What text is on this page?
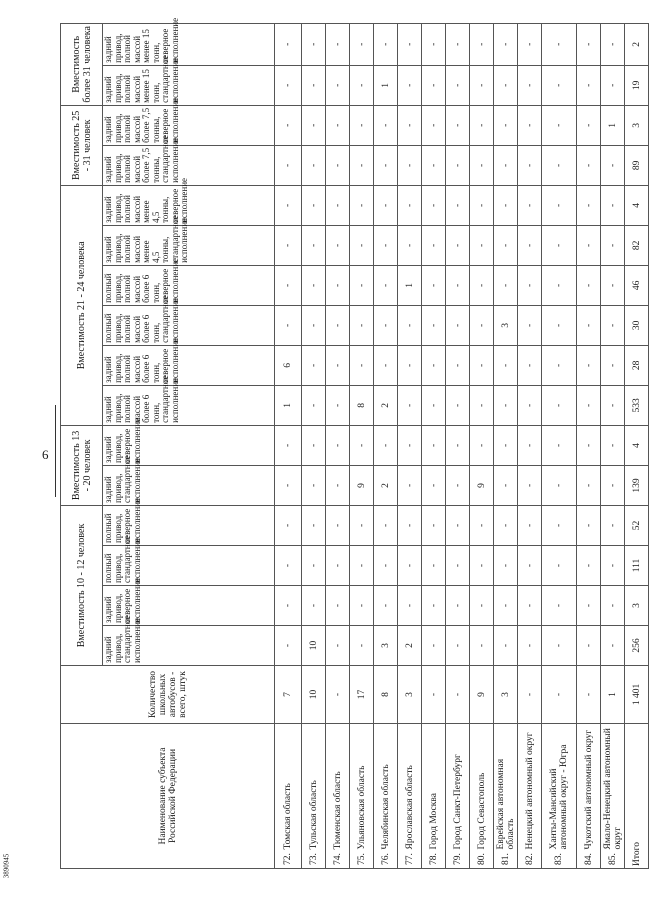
6
3890945
Наименование субъекта Российской Федерации		Количество школьных автобусов - всего, штук	Вместимость 10 - 12 человек				Вместимость 13 - 20 человек		Вместимость 21 - 24 человека						Вместимость 25 - 31 человек		Вместимость более 31 человека	
			задний привод, стандартное исполнение	задний привод, северное исполнение	полный привод, стандартное исполнение	полный привод, северное исполнение	задний привод, стандартное исполнение	задний привод, северное исполнение	задний привод, полной массой более 6 тонн, стандартное исполнение	задний привод, полной массой более 6 тонн, северное исполнение	полный привод, полной массой более 6 тонн, стандартное исполнение	полный привод, полной массой более 6 тонн, северное исполнение	задний привод, полной массой менее 4,5 тонны, стандартное исполнение	задний привод, полной массой менее 4,5 тонны, северное исполнение	задний привод, полной массой более 7,5 тонны, стандартное исполнение	задний привод, полной массой более 7,5 тонны, северное исполнение	задний привод, полной массой менее 15 тонн, стандартное исполнение	задний привод, полной массой менее 15 тонн, северное исполнение
72.	Томская область	7	-	-	-	-	-	-	1	6	-	-	-	-	-	-	-	-
73.	Тульская область	10	10	-	-	-	-	-	-	-	-	-	-	-	-	-	-	-
74.	Тюменская область	-	-	-	-	-	-	-	-	-	-	-	-	-	-	-	-	-
75.	Ульяновская область	17	-	-	-	-	9	-	8	-	-	-	-	-	-	-	-	-
76.	Челябинская область	8	3	-	-	-	2	-	2	-	-	-	-	-	-	-	1	-
77.	Ярославская область	3	2	-	-	-	-	-	-	-	-	1	-	-	-	-	-	-
78.	Город Москва	-	-	-	-	-	-	-	-	-	-	-	-	-	-	-	-	-
79.	Город Санкт-Петербург	-	-	-	-	-	-	-	-	-	-	-	-	-	-	-	-	-
80.	Город Севастополь	9	-	-	-	-	9	-	-	-	-	-	-	-	-	-	-	-
81.	Еврейская автономная область	3	-	-	-	-	-	-	-	-	3	-	-	-	-	-	-	-
82.	Ненецкий автономный округ	-	-	-	-	-	-	-	-	-	-	-	-	-	-	-	-	-
83.	Ханты-Мансийский автономный округ - Югра	-	-	-	-	-	-	-	-	-	-	-	-	-	-	-	-	-
84.	Чукотский автономный округ	-	-	-	-	-	-	-	-	-	-	-	-	-	-	-	-	-
85.	Ямало-Ненецкий автономный округ	1	-	-	-	-	-	-	-	-	-	-	-	-	-	1	-	-
Итого		1 401	256	3	111	52	139	4	533	28	30	46	82	4	89	3	19	2
